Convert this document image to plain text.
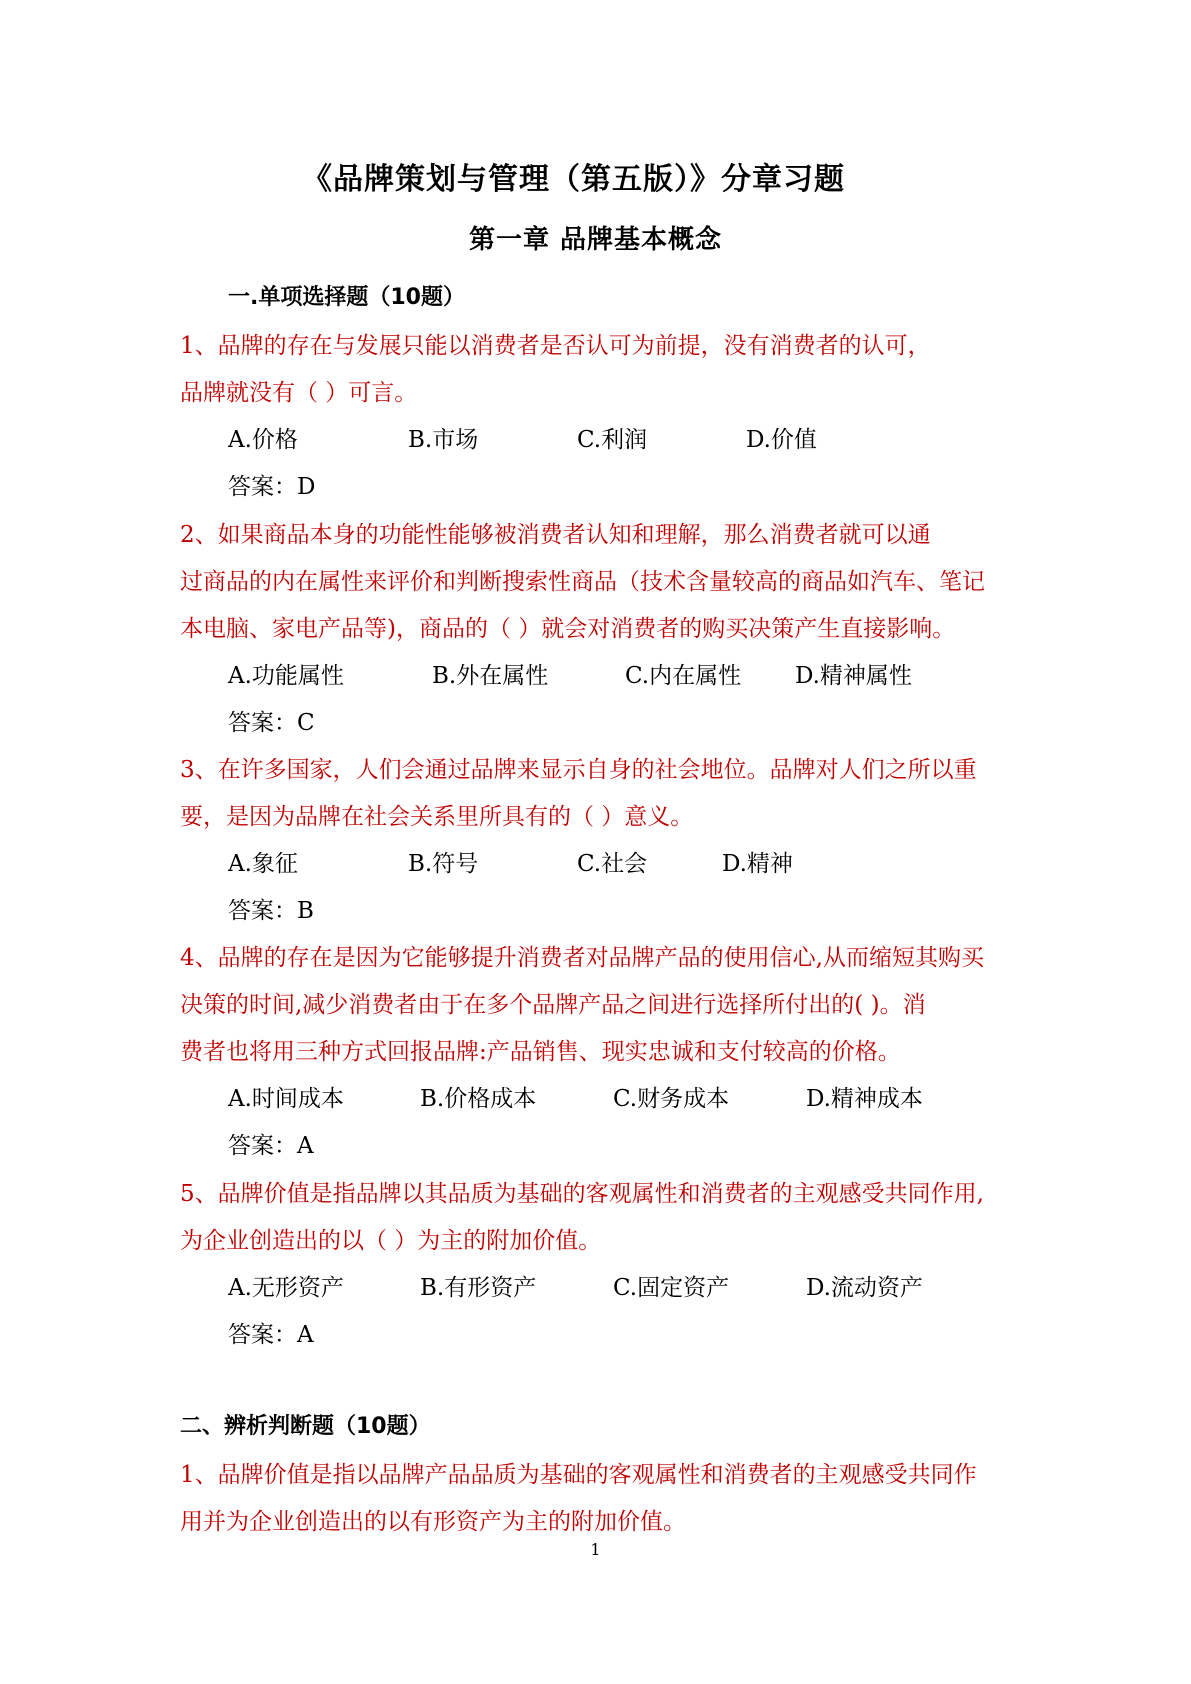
《品牌策划与管理（第五版）》分章习题
第一章 品牌基本概念
一.单项选择题（10题）
1、品牌的存在与发展只能以消费者是否认可为前提，没有消费者的认可，
品牌就没有（ ）可言。
A.价格	B.市场	C.利润	D.价值
答案：D
2、如果商品本身的功能性能够被消费者认知和理解，那么消费者就可以通
过商品的内在属性来评价和判断搜索性商品（技术含量较高的商品如汽车、笔记
本电脑、家电产品等)，商品的（ ）就会对消费者的购买决策产生直接影响。
A.功能属性	B.外在属性	C.内在属性 D.精神属性
答案：C
3、在许多国家，人们会通过品牌来显示自身的社会地位。品牌对人们之所以重
要，是因为品牌在社会关系里所具有的（ ）意义。
A.象征	B.符号	C.社会	D.精神
答案：B
4、品牌的存在是因为它能够提升消费者对品牌产品的使用信心,从而缩短其购买
决策的时间,减少消费者由于在多个品牌产品之间进行选择所付出的( )。消
费者也将用三种方式回报品牌:产品销售、现实忠诚和支付较高的价格。
A.时间成本	B.价格成本	C.财务成本	D.精神成本
答案：A
5、品牌价值是指品牌以其品质为基础的客观属性和消费者的主观感受共同作用,
为企业创造出的以（ ）为主的附加价值。
A.无形资产	B.有形资产	C.固定资产	D.流动资产
答案：A
二、辨析判断题（10题）
1、品牌价值是指以品牌产品品质为基础的客观属性和消费者的主观感受共同作
用并为企业创造出的以有形资产为主的附加价值。
1
